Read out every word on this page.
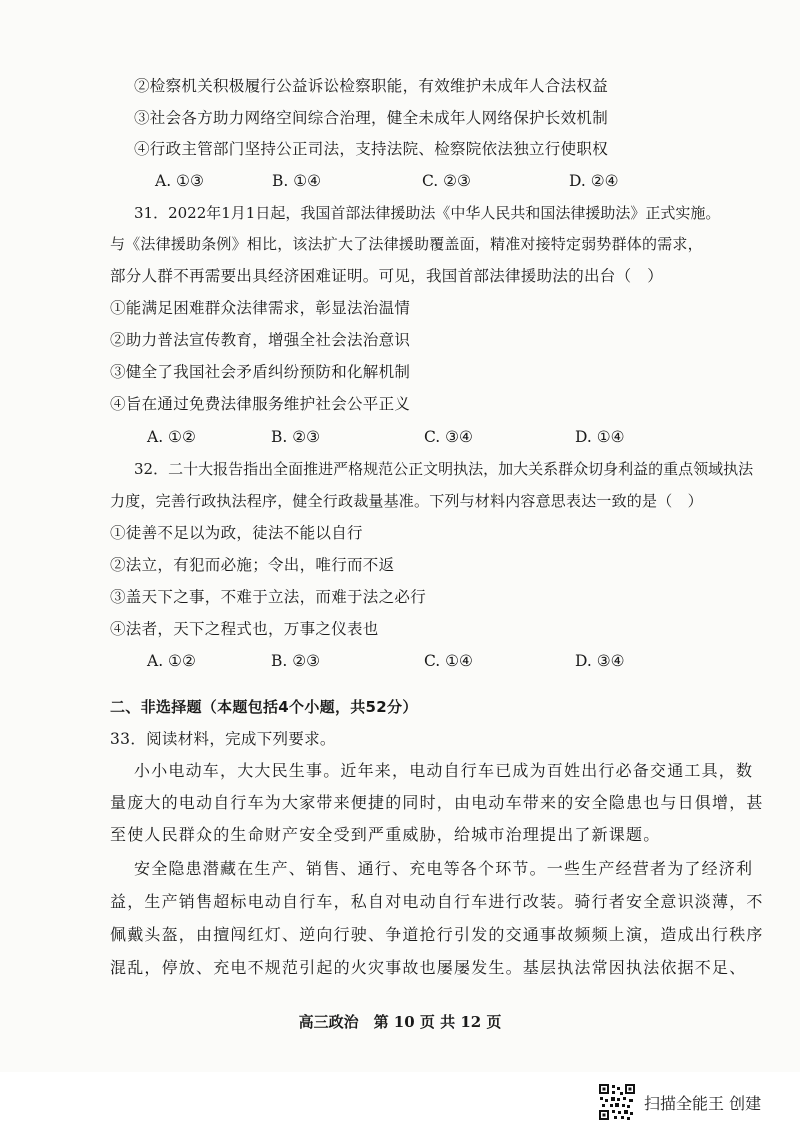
②检察机关积极履行公益诉讼检察职能，有效维护未成年人合法权益
③社会各方助力网络空间综合治理，健全未成年人网络保护长效机制
④行政主管部门坚持公正司法，支持法院、检察院依法独立行使职权
A. ①③	B. ①④	C. ②③	D. ②④
31．2022年1月1日起，我国首部法律援助法《中华人民共和国法律援助法》正式实施。
与《法律援助条例》相比，该法扩大了法律援助覆盖面，精准对接特定弱势群体的需求，
部分人群不再需要出具经济困难证明。可见，我国首部法律援助法的出台（　）
①能满足困难群众法律需求，彰显法治温情
②助力普法宣传教育，增强全社会法治意识
③健全了我国社会矛盾纠纷预防和化解机制
④旨在通过免费法律服务维护社会公平正义
A. ①②	B. ②③	C. ③④	D. ①④
32．二十大报告指出全面推进严格规范公正文明执法，加大关系群众切身利益的重点领域执法
力度，完善行政执法程序，健全行政裁量基准。下列与材料内容意思表达一致的是（　）
①徒善不足以为政，徒法不能以自行
②法立，有犯而必施；令出，唯行而不返
③盖天下之事，不难于立法，而难于法之必行
④法者，天下之程式也，万事之仪表也
A. ①②	B. ②③	C. ①④	D. ③④
二、非选择题（本题包括4个小题，共52分）
33．阅读材料，完成下列要求。
小小电动车，大大民生事。近年来，电动自行车已成为百姓出行必备交通工具，数
量庞大的电动自行车为大家带来便捷的同时，由电动车带来的安全隐患也与日俱增，甚
至使人民群众的生命财产安全受到严重威胁，给城市治理提出了新课题。
安全隐患潜藏在生产、销售、通行、充电等各个环节。一些生产经营者为了经济利
益，生产销售超标电动自行车，私自对电动自行车进行改装。骑行者安全意识淡薄，不
佩戴头盔，由擅闯红灯、逆向行驶、争道抢行引发的交通事故频频上演，造成出行秩序
混乱，停放、充电不规范引起的火灾事故也屡屡发生。基层执法常因执法依据不足、
高三政治　第 10 页 共 12 页
扫描全能王 创建
